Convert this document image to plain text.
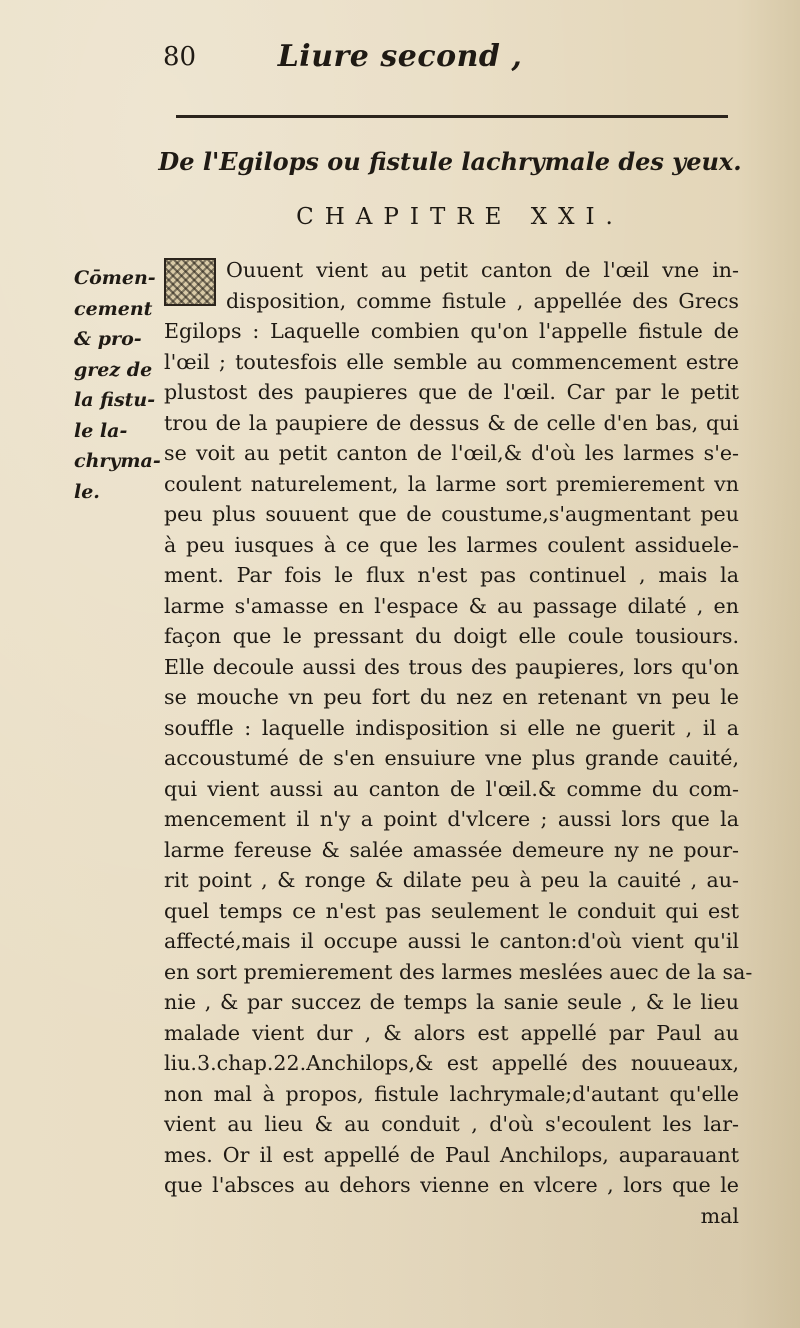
80	Liure second ,
De l'Egilops ou fistule lachrymale des yeux.
CHAPITRE XXI.
Cōmen-
cement
& pro-
grez de
la fistu-
le la-
chryma-
le.
Ouuent vient au petit canton de l'œil vne in-
disposition, comme fistule , appellée des Grecs
Egilops : Laquelle combien qu'on l'appelle fistule de
l'œil ; toutesfois elle semble au commencement estre
plustost des paupieres que de l'œil. Car par le petit
trou de la paupiere de dessus & de celle d'en bas, qui
se voit au petit canton de l'œil,& d'où les larmes s'e-
coulent naturelement, la larme sort premierement vn
peu plus souuent que de coustume,s'augmentant peu
à peu iusques à ce que les larmes coulent assiduele-
ment. Par fois le flux n'est pas continuel , mais la
larme s'amasse en l'espace & au passage dilaté , en
façon que le pressant du doigt elle coule tousiours.
Elle decoule aussi des trous des paupieres, lors qu'on
se mouche vn peu fort du nez en retenant vn peu le
souffle : laquelle indisposition si elle ne guerit , il a
accoustumé de s'en ensuiure vne plus grande cauité,
qui vient aussi au canton de l'œil.& comme du com-
mencement il n'y a point d'vlcere ; aussi lors que la
larme fereuse & salée amassée demeure ny ne pour-
rit point , & ronge & dilate peu à peu la cauité , au-
quel temps ce n'est pas seulement le conduit qui est
affecté,mais il occupe aussi le canton:d'où vient qu'il
en sort premierement des larmes meslées auec de la sa-
nie , & par succez de temps la sanie seule , & le lieu
malade vient dur , & alors est appellé par Paul au
liu.3.chap.22.Anchilops,& est appellé des nouueaux,
non mal à propos, fistule lachrymale;d'autant qu'elle
vient au lieu & au conduit , d'où s'ecoulent les lar-
mes. Or il est appellé de Paul Anchilops, auparauant
que l'absces au dehors vienne en vlcere , lors que le
mal
